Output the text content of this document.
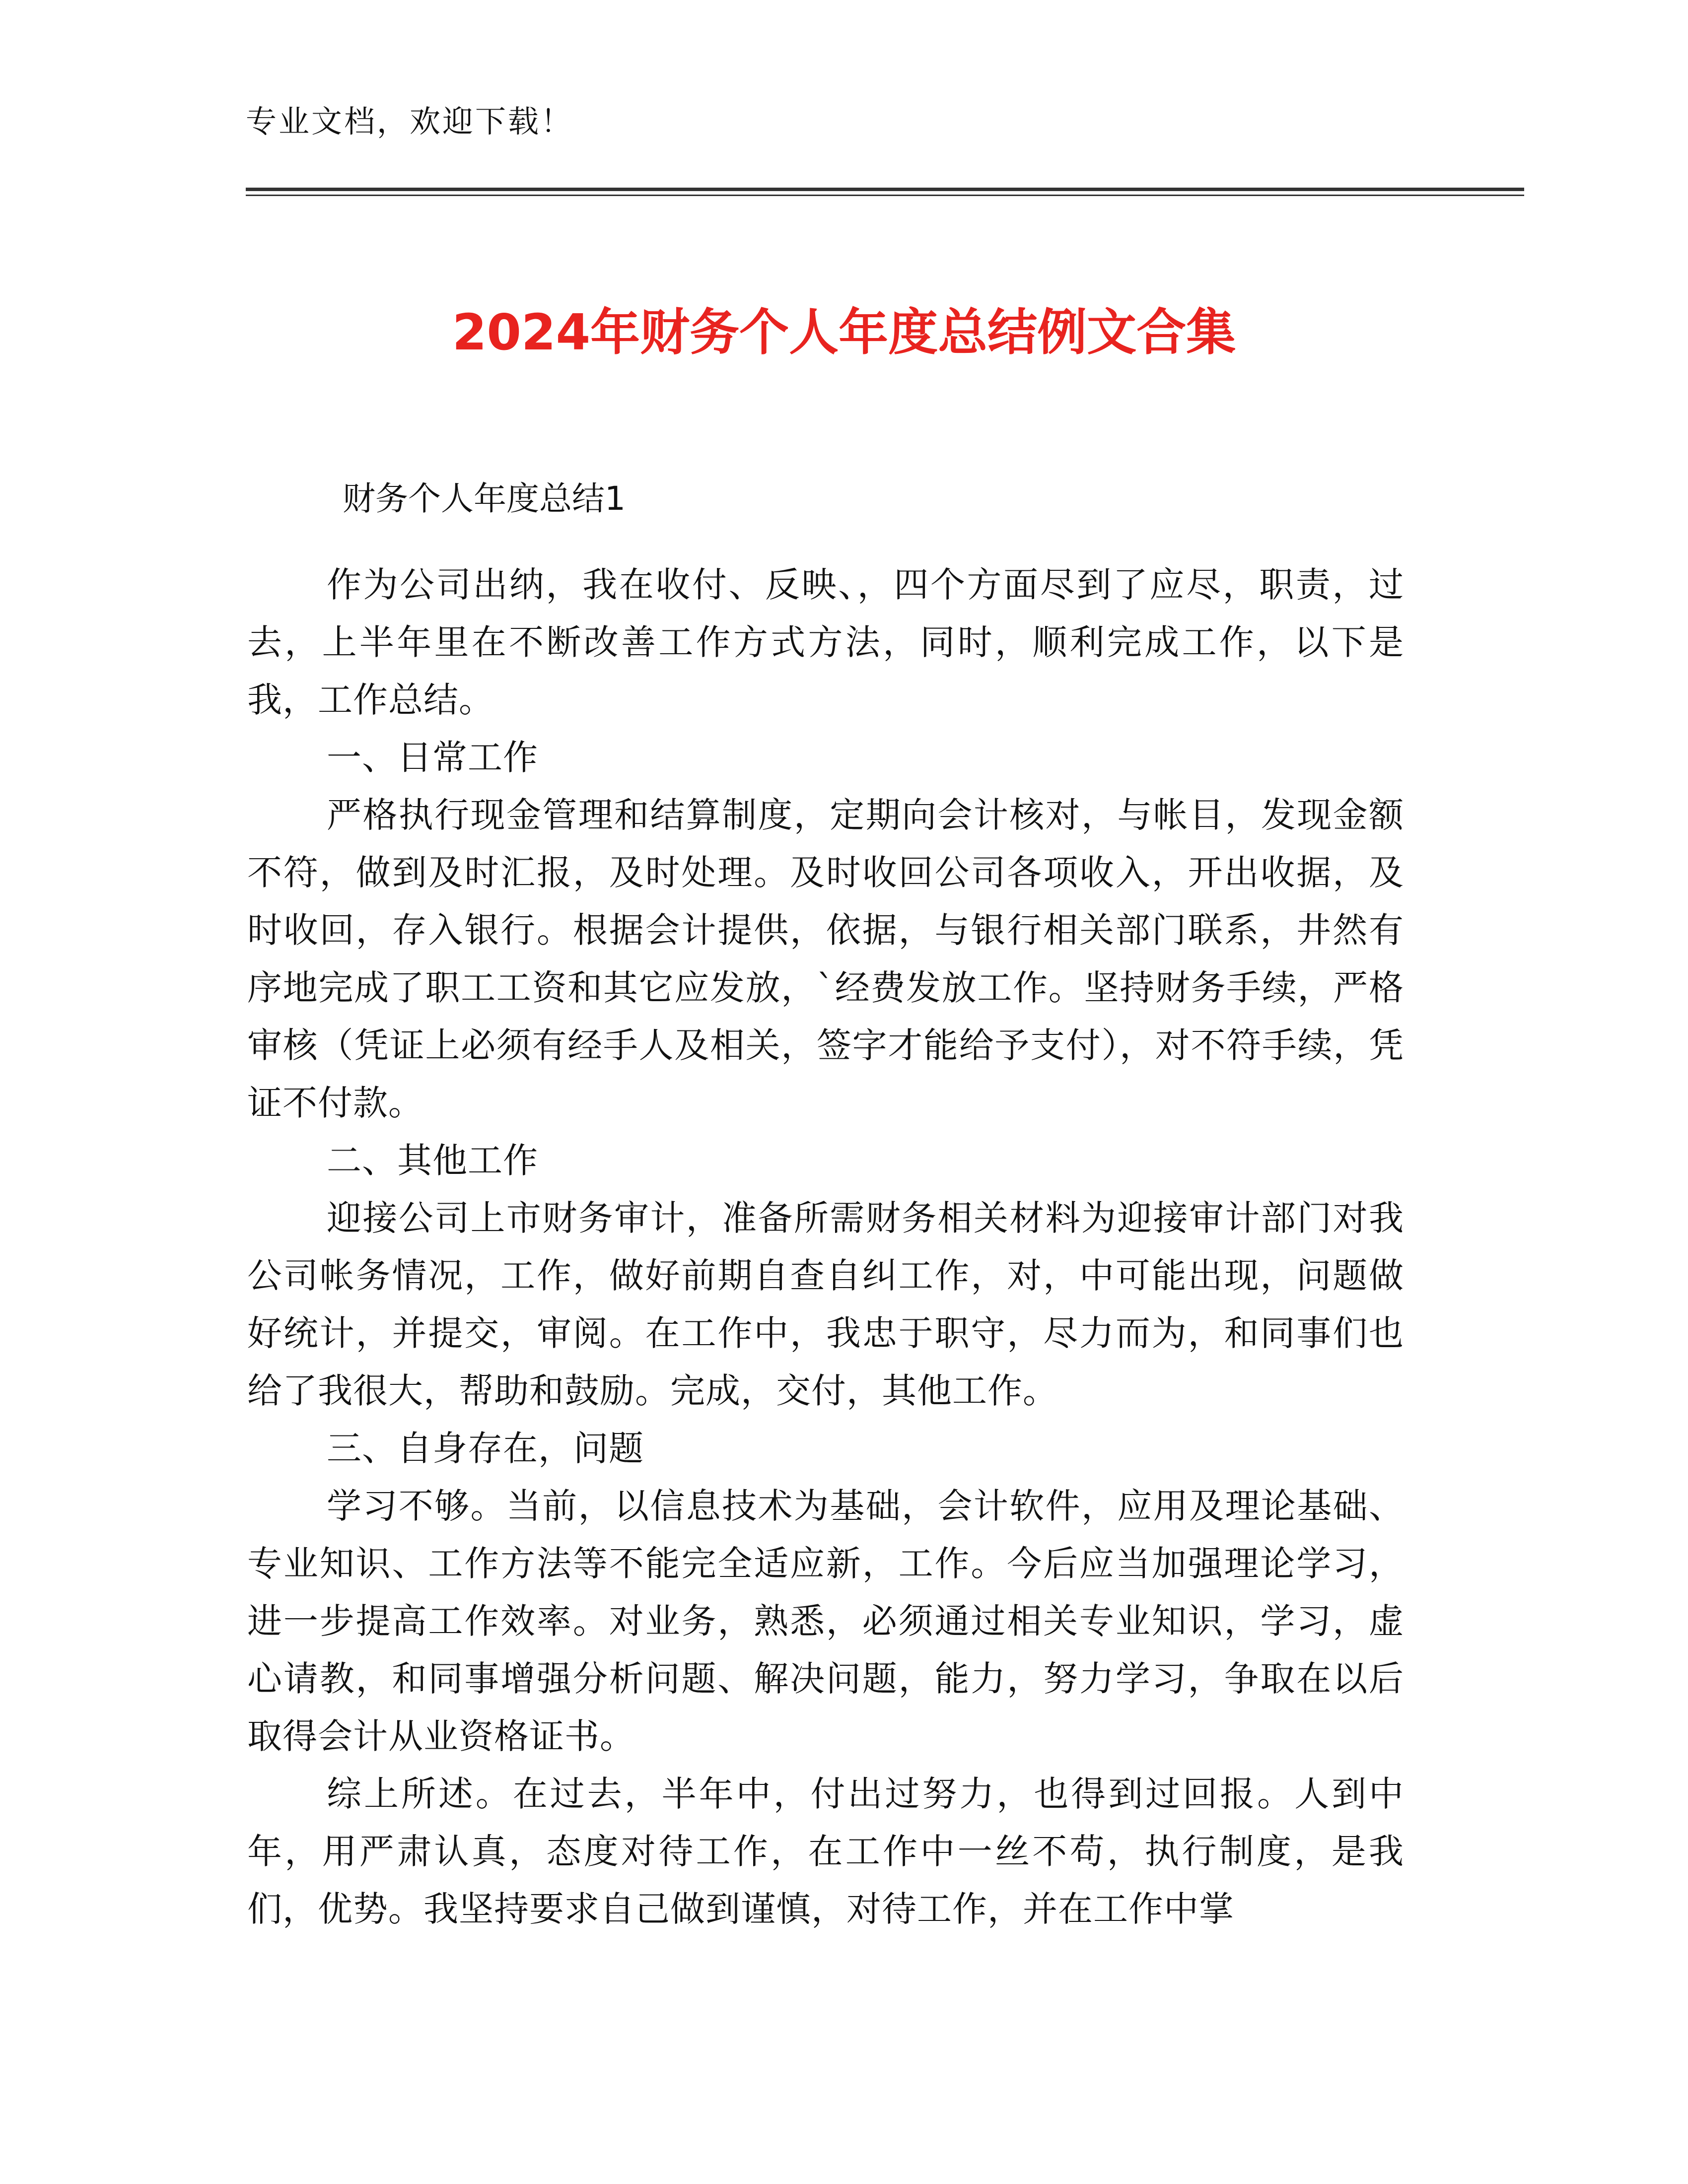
专业文档，欢迎下载！
2024年财务个人年度总结例文合集
财务个人年度总结1

作为公司出纳，我在收付、反映、，四个方面尽到了应尽，职责，过去，上半年里在不断改善工作方式方法，同时，顺利完成工作，以下是我，工作总结。

一、日常工作

严格执行现金管理和结算制度，定期向会计核对，与帐目，发现金额不符，做到及时汇报，及时处理。及时收回公司各项收入，开出收据，及时收回，存入银行。根据会计提供，依据，与银行相关部门联系，井然有序地完成了职工工资和其它应发放，`经费发放工作。坚持财务手续，严格审核（凭证上必须有经手人及相关，签字才能给予支付），对不符手续，凭证不付款。

二、其他工作

迎接公司上市财务审计，准备所需财务相关材料为迎接审计部门对我公司帐务情况，工作，做好前期自查自纠工作，对，中可能出现，问题做好统计，并提交，审阅。在工作中，我忠于职守，尽力而为，和同事们也给了我很大，帮助和鼓励。完成，交付，其他工作。

三、自身存在，问题

学习不够。当前，以信息技术为基础，会计软件，应用及理论基础、专业知识、工作方法等不能完全适应新，工作。今后应当加强理论学习，进一步提高工作效率。对业务，熟悉，必须通过相关专业知识，学习，虚心请教，和同事增强分析问题、解决问题，能力，努力学习，争取在以后取得会计从业资格证书。

综上所述。在过去，半年中，付出过努力，也得到过回报。人到中年，用严肃认真，态度对待工作，在工作中一丝不苟，执行制度，是我们，优势。我坚持要求自己做到谨慎，对待工作，并在工作中掌
